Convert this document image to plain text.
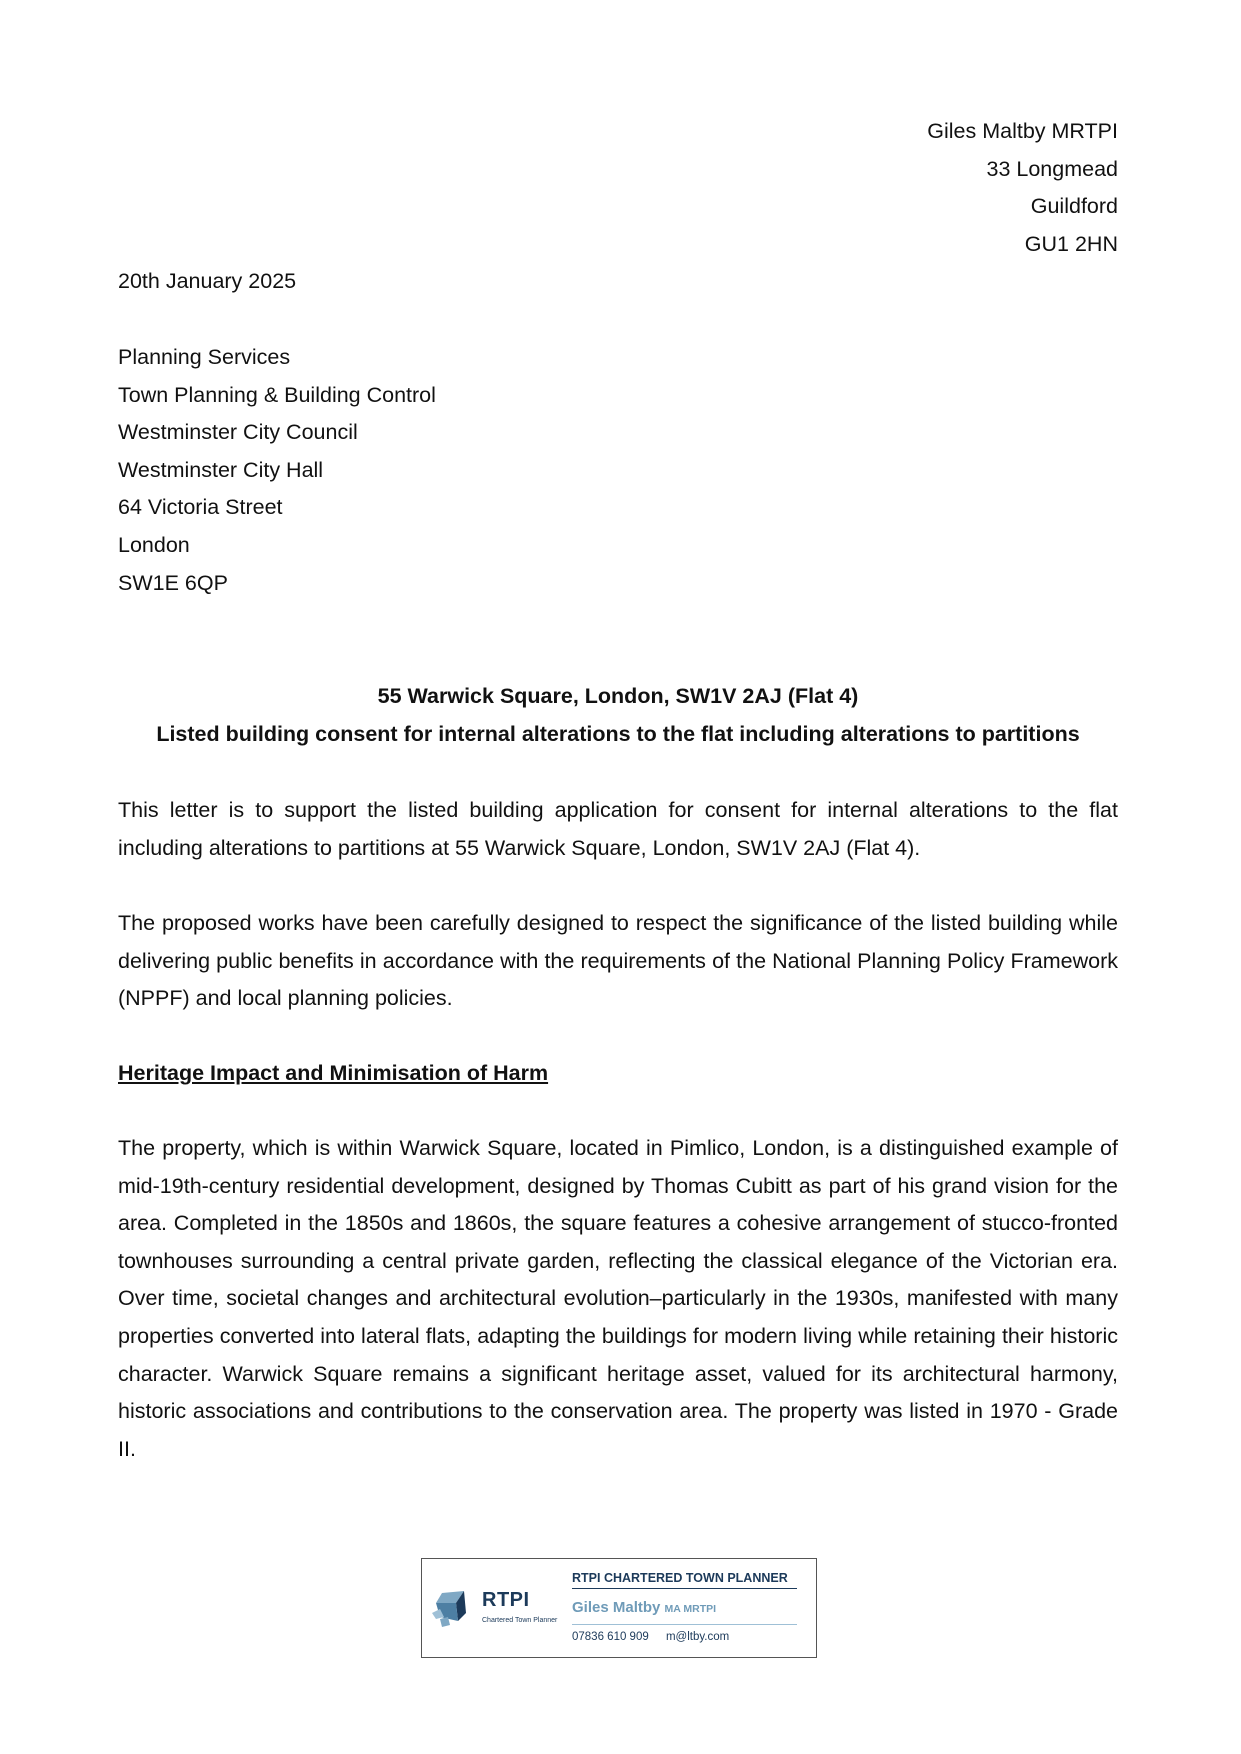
Giles Maltby MRTPI
33 Longmead
Guildford
GU1 2HN
20th January 2025
Planning Services
Town Planning & Building Control
Westminster City Council
Westminster City Hall
64 Victoria Street
London
SW1E 6QP
55 Warwick Square, London, SW1V 2AJ (Flat 4)
Listed building consent for internal alterations to the flat including alterations to partitions
This letter is to support the listed building application for consent for internal alterations to the flat including alterations to partitions at 55 Warwick Square, London, SW1V 2AJ (Flat 4).
The proposed works have been carefully designed to respect the significance of the listed building while delivering public benefits in accordance with the requirements of the National Planning Policy Framework (NPPF) and local planning policies.
Heritage Impact and Minimisation of Harm
The property, which is within Warwick Square, located in Pimlico, London, is a distinguished example of mid-19th-century residential development, designed by Thomas Cubitt as part of his grand vision for the area. Completed in the 1850s and 1860s, the square features a cohesive arrangement of stucco-fronted townhouses surrounding a central private garden, reflecting the classical elegance of the Victorian era. Over time, societal changes and architectural evolution–particularly in the 1930s, manifested with many properties converted into lateral flats, adapting the buildings for modern living while retaining their historic character. Warwick Square remains a significant heritage asset, valued for its architectural harmony, historic associations and contributions to the conservation area. The property was listed in 1970 - Grade II.
RTPI
Chartered Town Planner
RTPI CHARTERED TOWN PLANNER
Giles Maltby MA MRTPI
07836 610 909 m@ltby.com
